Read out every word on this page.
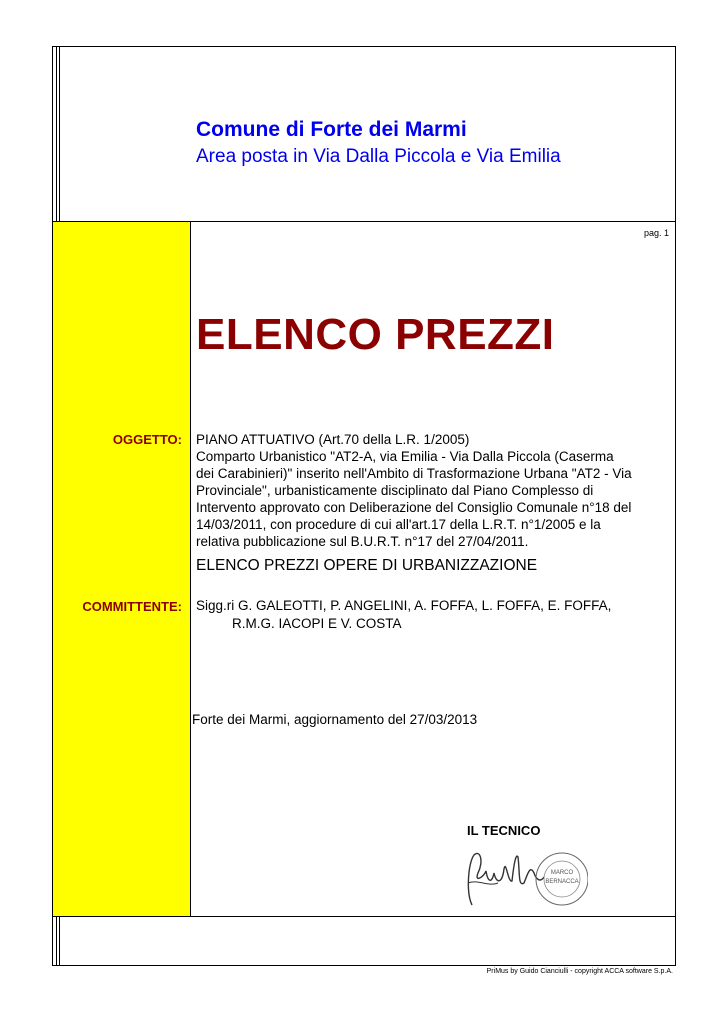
Comune di Forte dei Marmi
Area posta in Via Dalla Piccola e Via Emilia
pag. 1
ELENCO PREZZI
OGGETTO: PIANO ATTUATIVO (Art.70 della L.R. 1/2005)
Comparto Urbanistico "AT2-A, via Emilia - Via Dalla Piccola (Caserma
dei Carabinieri)" inserito nell'Ambito di Trasformazione Urbana "AT2 - Via
Provinciale", urbanisticamente disciplinato dal Piano Complesso di
Intervento approvato con Deliberazione del Consiglio Comunale n°18 del
14/03/2011, con procedure di cui all'art.17 della L.R.T. n°1/2005 e la
relativa pubblicazione sul B.U.R.T. n°17 del 27/04/2011.
ELENCO PREZZI OPERE DI URBANIZZAZIONE
COMMITTENTE: Sigg.ri G. GALEOTTI, P. ANGELINI, A. FOFFA, L. FOFFA, E. FOFFA,
R.M.G. IACOPI E V. COSTA
Forte dei Marmi, aggiornamento del 27/03/2013
IL TECNICO
MARCO
BERNACCA
PriMus by Guido Cianciulli - copyright ACCA software S.p.A.
